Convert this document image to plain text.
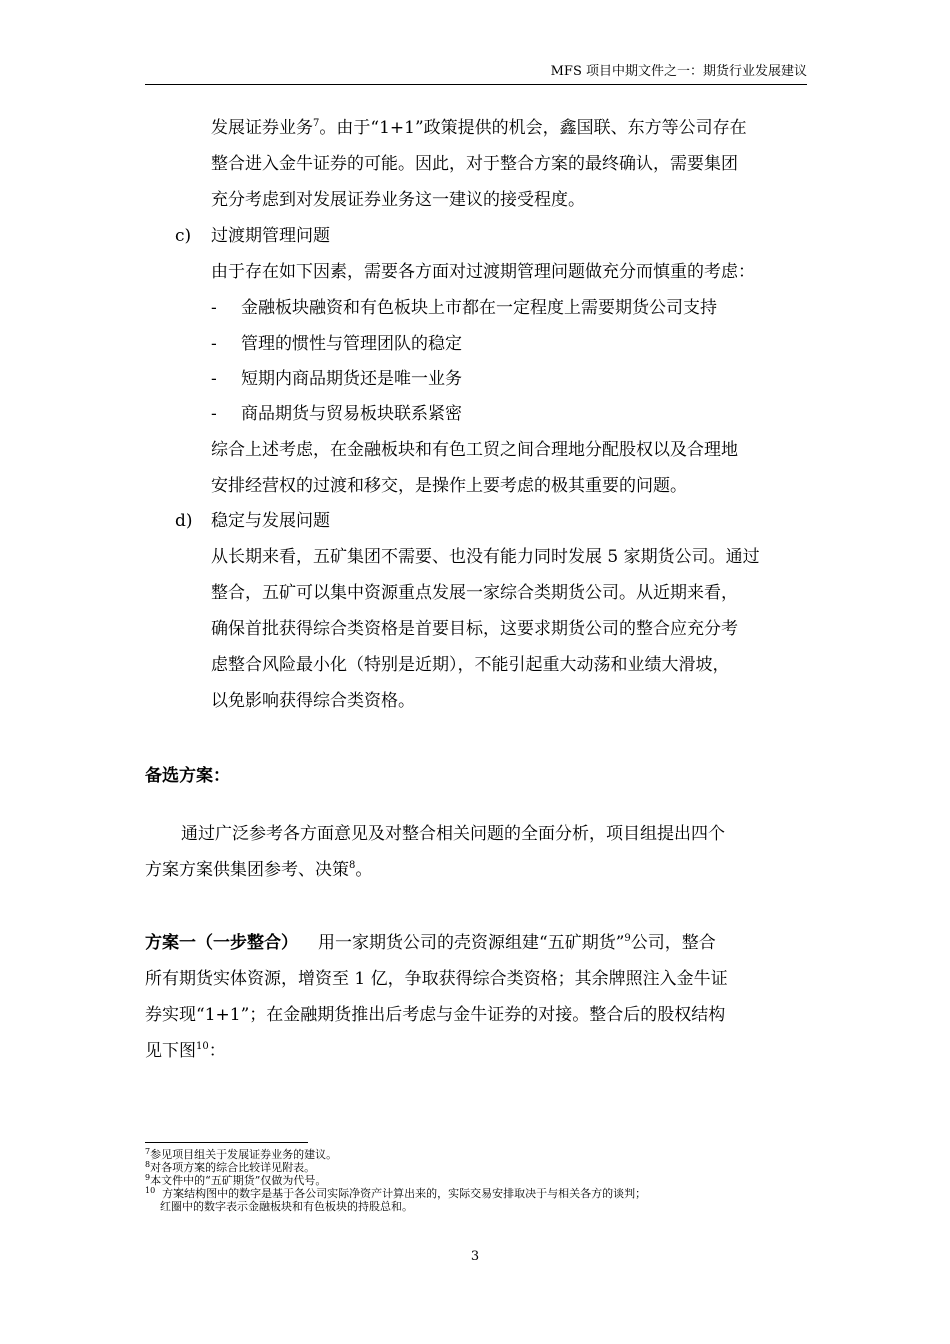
MFS 项目中期文件之一：期货行业发展建议
发展证券业务$^7$。由于“1+1”政策提供的机会，鑫国联、东方等公司存在
整合进入金牛证券的可能。因此，对于整合方案的最终确认，需要集团
充分考虑到对发展证券业务这一建议的接受程度。
c) 过渡期管理问题
由于存在如下因素，需要各方面对过渡期管理问题做充分而慎重的考虑：
- 金融板块融资和有色板块上市都在一定程度上需要期货公司支持
- 管理的惯性与管理团队的稳定
- 短期内商品期货还是唯一业务
- 商品期货与贸易板块联系紧密
综合上述考虑，在金融板块和有色工贸之间合理地分配股权以及合理地
安排经营权的过渡和移交，是操作上要考虑的极其重要的问题。
d) 稳定与发展问题
从长期来看，五矿集团不需要、也没有能力同时发展 5 家期货公司。通过
整合，五矿可以集中资源重点发展一家综合类期货公司。从近期来看，
确保首批获得综合类资格是首要目标，这要求期货公司的整合应充分考
虑整合风险最小化（特别是近期），不能引起重大动荡和业绩大滑坡，
以免影响获得综合类资格。
备选方案：
通过广泛参考各方面意见及对整合相关问题的全面分析，项目组提出四个
方案方案供集团参考、决策$^8$。
方案一（一步整合） 用一家期货公司的壳资源组建“五矿期货”$^9$公司，整合
所有期货实体资源，增资至 1 亿，争取获得综合类资格；其余牌照注入金牛证
券实现“1+1”；在金融期货推出后考虑与金牛证券的对接。整合后的股权结构
见下图$^{10}$：
$^7$参见项目组关于发展证券业务的建议。
$^8$对各项方案的综合比较详见附表。
$^9$本文件中的“五矿期货”仅做为代号。
$^{10}$  方案结构图中的数字是基于各公司实际净资产计算出来的，实际交易安排取决于与相关各方的谈判；
红圈中的数字表示金融板块和有色板块的持股总和。
3
